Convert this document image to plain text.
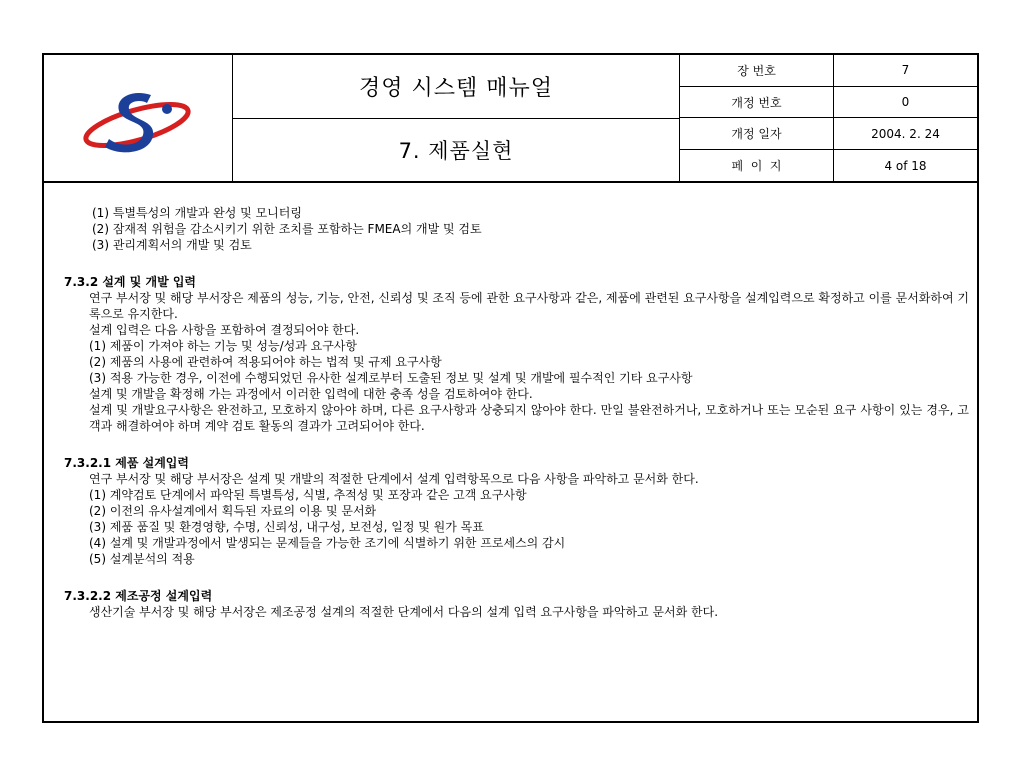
경영 시스템 매뉴얼
7. 제품실현
장 번호	7
개정 번호	0
개정 일자	2004. 2. 24
페  이  지	4 of 18
(1) 특별특성의 개발과 완성 및 모니터링
(2) 잠재적 위험을 감소시키기 위한 조치를 포함하는 FMEA의 개발 및 검토
(3) 관리계획서의 개발 및 검토
7.3.2 설계 및 개발 입력
연구 부서장 및 해당 부서장은 제품의 성능, 기능, 안전, 신뢰성 및 조직 등에 관한 요구사항과 같은, 제품에 관련된 요구사항을 설계입력으로 확정하고 이를 문서화하여 기록으로 유지한다.
설계 입력은 다음 사항을 포함하여 결정되어야 한다.
(1) 제품이 가져야 하는 기능 및 성능/성과 요구사항
(2) 제품의 사용에 관련하여 적용되어야 하는 법적 및 규제 요구사항
(3) 적용 가능한 경우, 이전에 수행되었던 유사한 설계로부터 도출된 정보 및 설계 및 개발에 필수적인 기타 요구사항
설계 및 개발을 확정해 가는 과정에서 이러한 입력에 대한 충족 성을 검토하여야 한다.
설계 및 개발요구사항은 완전하고, 모호하지 않아야 하며, 다른 요구사항과 상충되지 않아야 한다. 만일 불완전하거나, 모호하거나 또는 모순된 요구 사항이 있는 경우, 고객과 해결하여야 하며 계약 검토 활동의 결과가 고려되어야 한다.
7.3.2.1 제품 설계입력
연구 부서장 및 해당 부서장은 설계 및 개발의 적절한 단계에서 설계 입력항목으로 다음 사항을 파악하고 문서화 한다.
(1) 계약검토 단계에서 파악된 특별특성, 식별, 추적성 및 포장과 같은 고객 요구사항
(2) 이전의 유사설계에서 획득된 자료의 이용 및 문서화
(3) 제품 품질 및 환경영향, 수명, 신뢰성, 내구성, 보전성, 일정 및 원가 목표
(4) 설계 및 개발과정에서 발생되는 문제들을 가능한 조기에 식별하기 위한 프로세스의 감시
(5) 설계분석의 적용
7.3.2.2 제조공정 설계입력
생산기술 부서장 및 해당 부서장은 제조공정 설계의 적절한 단계에서 다음의 설계 입력 요구사항을 파악하고 문서화 한다.
